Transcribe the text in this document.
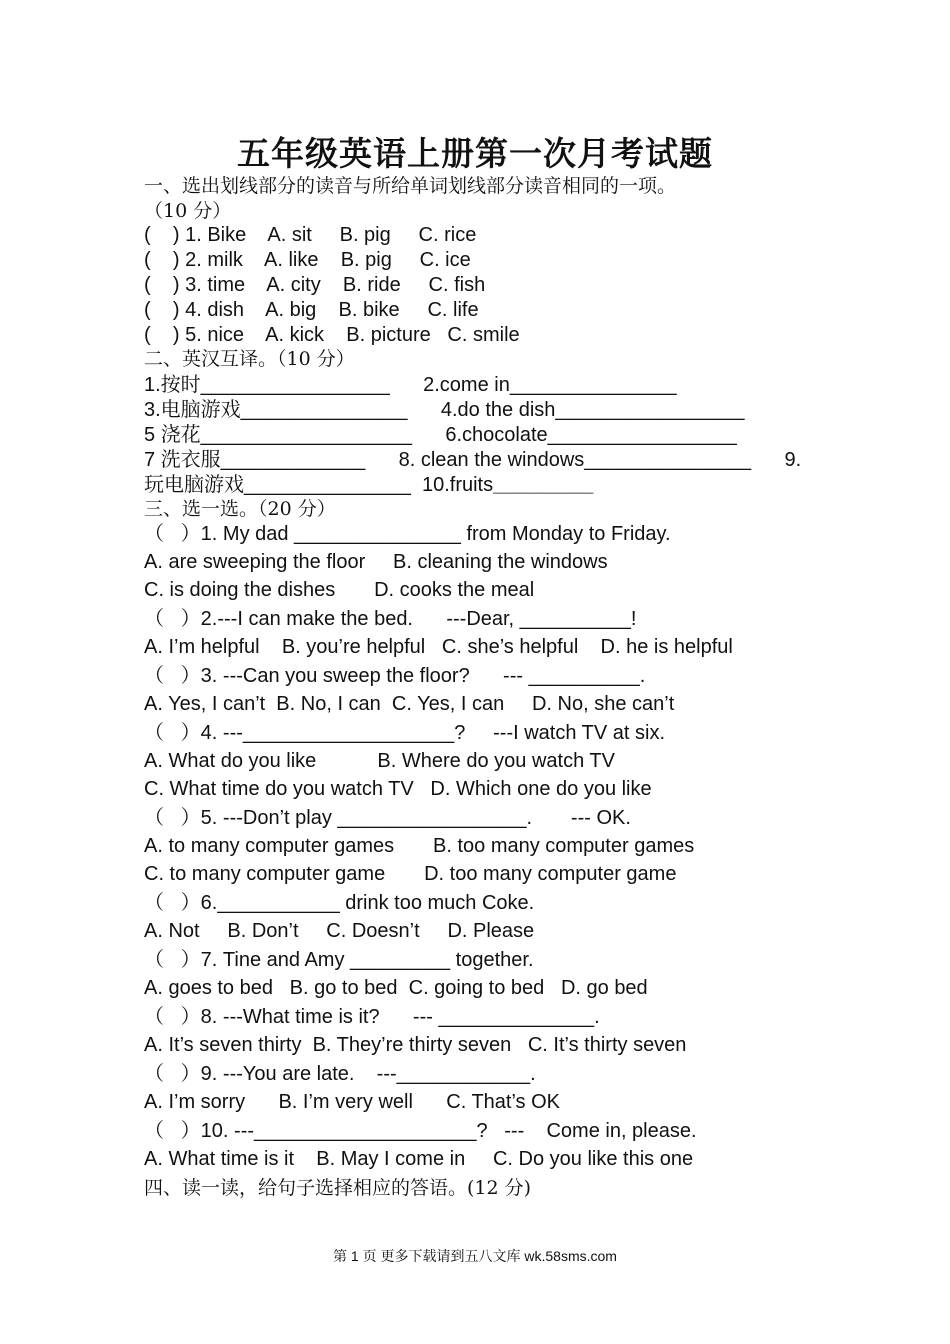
五年级英语上册第一次月考试题
一、选出划线部分的读音与所给单词划线部分读音相同的一项。
（10 分）
(    ) 1. Bike    A. sit     B. pig     C. rice
(    ) 2. milk    A. like    B. pig     C. ice
(    ) 3. time    A. city    B. ride     C. fish
(    ) 4. dish    A. big    B. bike     C. life
(    ) 5. nice    A. kick    B. picture   C. smile
二、英汉互译。（10 分）
1.按时_________________      2.come in_______________
3.电脑游戏_______________      4.do the dish_________________
5 浇花___________________      6.chocolate_________________
7 洗衣服_____________      8. clean the windows_______________      9.
玩电脑游戏_______________  10.fruits_________
三、选一选。（20 分）
（   ）1. My dad _______________ from Monday to Friday.
A. are sweeping the floor     B. cleaning the windows
C. is doing the dishes       D. cooks the meal
（   ）2.---I can make the bed.      ---Dear, __________!
A. I’m helpful    B. you’re helpful   C. she’s helpful    D. he is helpful
（   ）3. ---Can you sweep the floor?      --- __________.
A. Yes, I can’t  B. No, I can  C. Yes, I can     D. No, she can’t
（   ）4. ---___________________?     ---I watch TV at six.
A. What do you like           B. Where do you watch TV
C. What time do you watch TV   D. Which one do you like
（   ）5. ---Don’t play _________________.       --- OK.
A. to many computer games       B. too many computer games
C. to many computer game       D. too many computer game
（   ）6.___________ drink too much Coke.
A. Not     B. Don’t     C. Doesn’t     D. Please
（   ）7. Tine and Amy _________ together.
A. goes to bed   B. go to bed  C. going to bed   D. go bed
（   ）8. ---What time is it?      --- ______________.
A. It’s seven thirty  B. They’re thirty seven   C. It’s thirty seven
（   ）9. ---You are late.    ---____________.
A. I’m sorry      B. I’m very well      C. That’s OK
（   ）10. ---____________________?   ---    Come in, please.
A. What time is it    B. May I come in     C. Do you like this one
四、读一读，给句子选择相应的答语。(12 分)
第 1 页 更多下载请到五八文库 wk.58sms.com
